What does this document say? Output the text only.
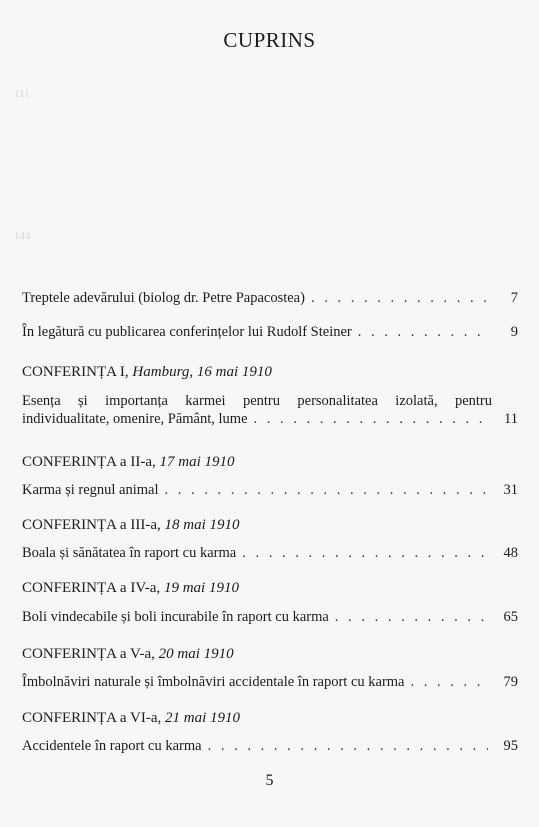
111
144
CUPRINS
Treptele adevărului (biolog dr. Petre Papacostea) . . .	7
În legătură cu publicarea conferințelor lui Rudolf Steiner . . .	9
CONFERINȚA I, Hamburg, 16 mai 1910
Esența și importanța karmei pentru personalitatea izolată, pentru
individualitate, omenire, Pământ, lume . . .	11
CONFERINȚA a II-a, 17 mai 1910
Karma și regnul animal . . .	31
CONFERINȚA a III-a, 18 mai 1910
Boala și sănătatea în raport cu karma . . .	48
CONFERINȚA a IV-a, 19 mai 1910
Boli vindecabile și boli incurabile în raport cu karma . . .	65
CONFERINȚA a V-a, 20 mai 1910
Îmbolnăviri naturale și îmbolnăviri accidentale în raport cu karma . . .	79
CONFERINȚA a VI-a, 21 mai 1910
Accidentele în raport cu karma . . .	95
5
